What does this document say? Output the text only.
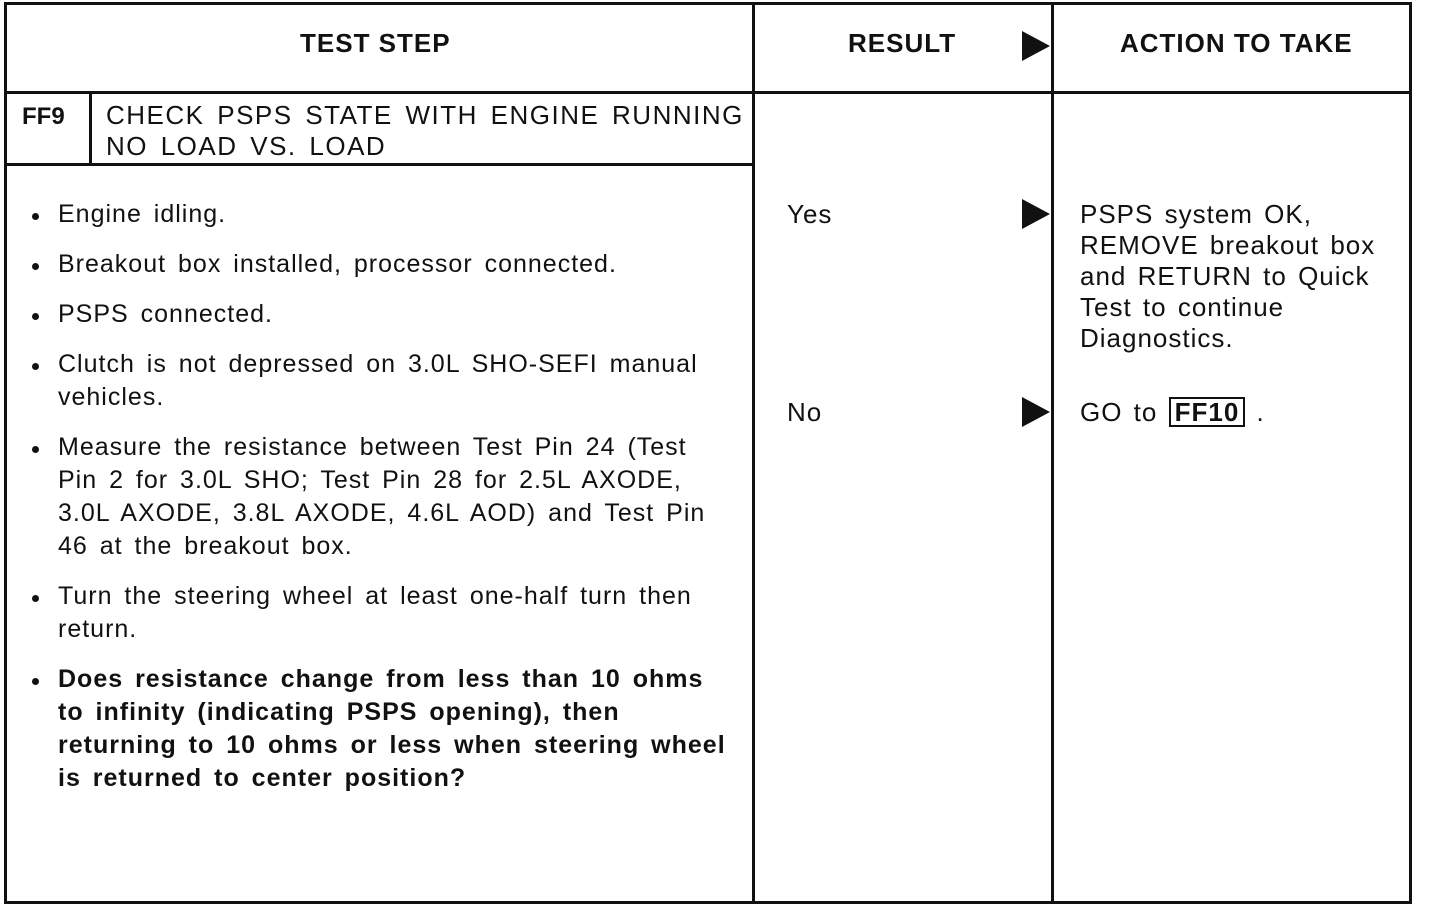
TEST STEP	RESULT	ACTION TO TAKE
FF9 CHECK PSPS STATE WITH ENGINE RUNNING NO LOAD VS. LOAD
Engine idling.
Breakout box installed, processor connected.
PSPS connected.
Clutch is not depressed on 3.0L SHO-SEFI manual vehicles.
Measure the resistance between Test Pin 24 (Test Pin 2 for 3.0L SHO; Test Pin 28 for 2.5L AXODE, 3.0L AXODE, 3.8L AXODE, 4.6L AOD) and Test Pin 46 at the breakout box.
Turn the steering wheel at least one-half turn then return.
Does resistance change from less than 10 ohms to infinity (indicating PSPS opening), then returning to 10 ohms or less when steering wheel is returned to center position?
Yes	PSPS system OK, REMOVE breakout box and RETURN to Quick Test to continue Diagnostics.
No	GO to FF10 .
